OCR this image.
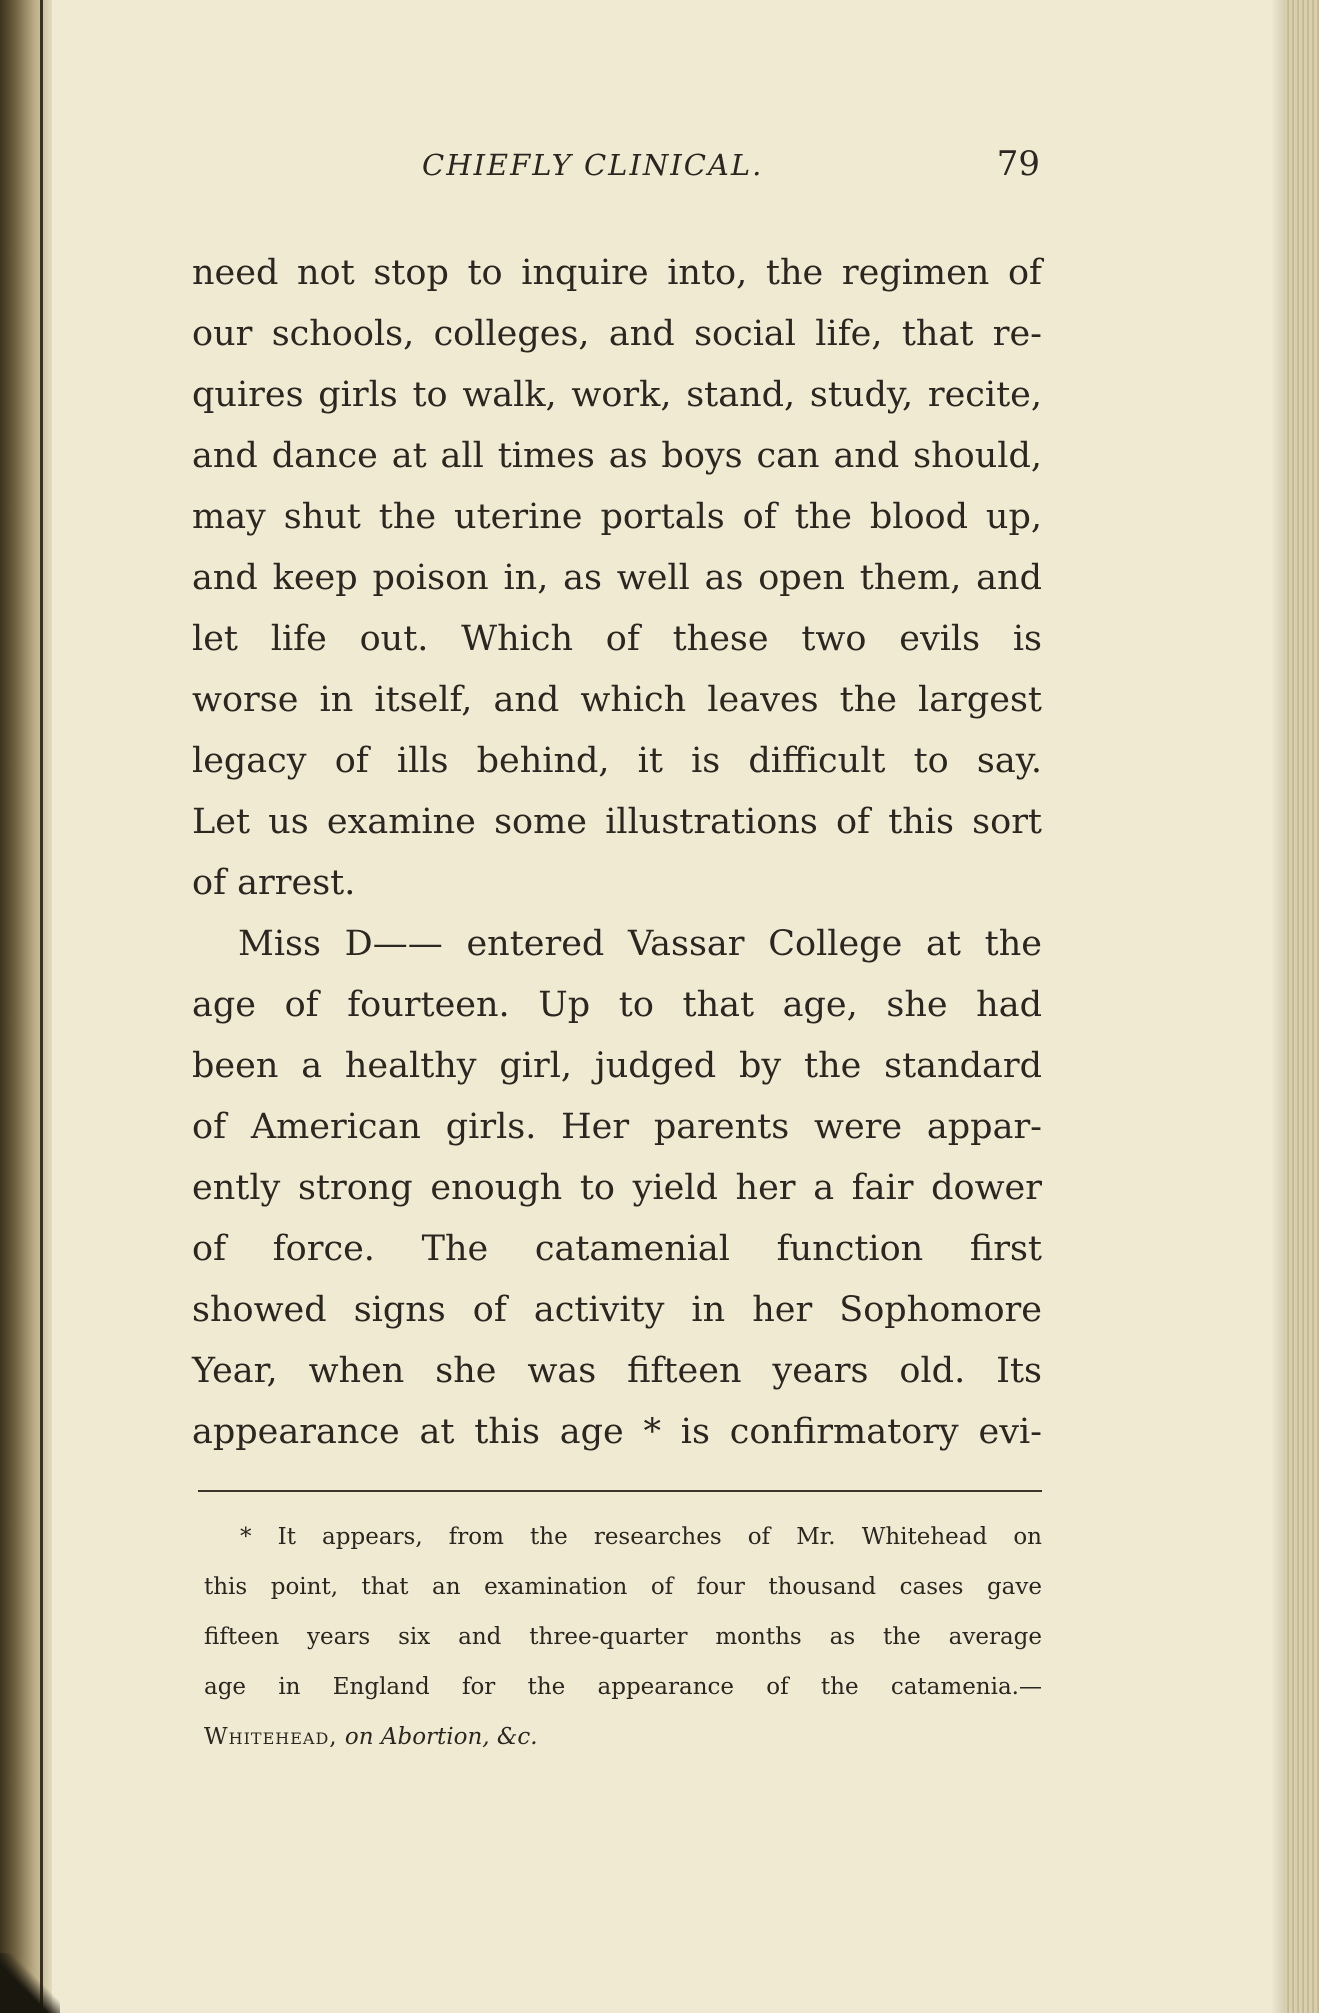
CHIEFLY CLINICAL.	79
need not stop to inquire into, the regimen of
our schools, colleges, and social life, that re-
quires girls to walk, work, stand, study, recite,
and dance at all times as boys can and should,
may shut the uterine portals of the blood up,
and keep poison in, as well as open them, and
let life out. Which of these two evils is
worse in itself, and which leaves the largest
legacy of ills behind, it is difficult to say.
Let us examine some illustrations of this sort
of arrest.
Miss D—— entered Vassar College at the
age of fourteen. Up to that age, she had
been a healthy girl, judged by the standard
of American girls. Her parents were appar-
ently strong enough to yield her a fair dower
of force. The catamenial function first
showed signs of activity in her Sophomore
Year, when she was fifteen years old. Its
appearance at this age * is confirmatory evi-
* It appears, from the researches of Mr. Whitehead on
this point, that an examination of four thousand cases gave
fifteen years six and three-quarter months as the average
age in England for the appearance of the catamenia.—
Whitehead, on Abortion, &c.
